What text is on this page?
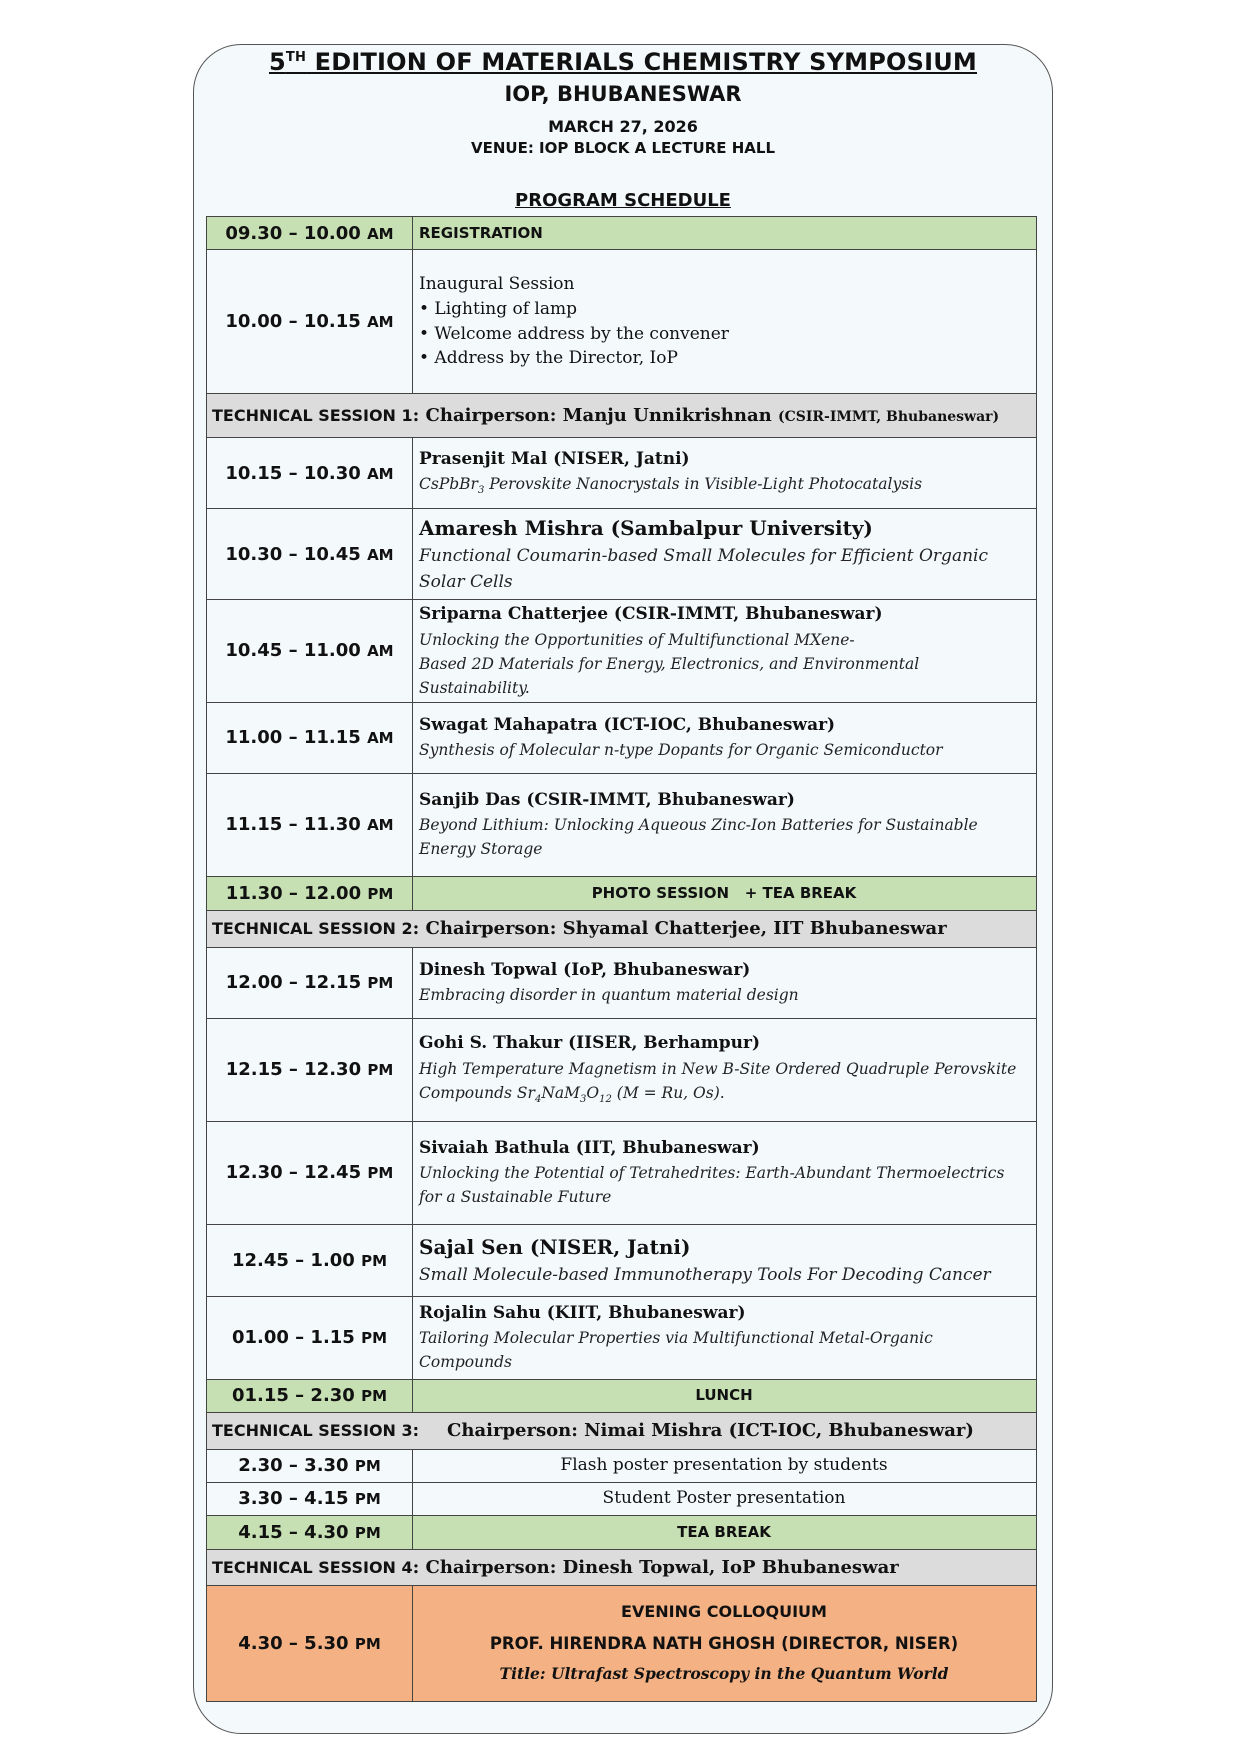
5TH EDITION OF MATERIALS CHEMISTRY SYMPOSIUM
IOP, BHUBANESWAR
MARCH 27, 2026
VENUE: IOP BLOCK A LECTURE HALL
PROGRAM SCHEDULE
09.30 – 10.00 AM	REGISTRATION
10.00 – 10.15 AM	Inaugural Session
• Lighting of lamp
• Welcome address by the convener
• Address by the Director, IoP

TECHNICAL SESSION 1: Chairperson: Manju Unnikrishnan (CSIR-IMMT, Bhubaneswar)	
10.15 – 10.30 AM	Prasenjit Mal (NISER, Jatni)
CsPbBr$_3$ Perovskite Nanocrystals in Visible-Light Photocatalysis

10.30 – 10.45 AM	Amaresh Mishra (Sambalpur University)
Functional Coumarin-based Small Molecules for Efficient Organic Solar Cells

10.45 – 11.00 AM	Sriparna Chatterjee (CSIR-IMMT, Bhubaneswar)
Unlocking the Opportunities of Multifunctional MXene-
Based 2D Materials for Energy, Electronics, and Environmental Sustainability.

11.00 – 11.15 AM	Swagat Mahapatra (ICT-IOC, Bhubaneswar)
Synthesis of Molecular n-type Dopants for Organic Semiconductor

11.15 – 11.30 AM	Sanjib Das (CSIR-IMMT, Bhubaneswar)
Beyond Lithium: Unlocking Aqueous Zinc-Ion Batteries for Sustainable Energy Storage

11.30 – 12.00 PM	PHOTO SESSION   + TEA BREAK
TECHNICAL SESSION 2: Chairperson: Shyamal Chatterjee, IIT Bhubaneswar	
12.00 – 12.15 PM	Dinesh Topwal (IoP, Bhubaneswar)
Embracing disorder in quantum material design

12.15 – 12.30 PM	Gohi S. Thakur (IISER, Berhampur)
High Temperature Magnetism in New B-Site Ordered Quadruple Perovskite
Compounds $Sr_4NaM_3O_{12}$ (M = Ru, Os).

12.30 – 12.45 PM	Sivaiah Bathula (IIT, Bhubaneswar)
Unlocking the Potential of Tetrahedrites: Earth-Abundant Thermoelectrics for a Sustainable Future

12.45 – 1.00 PM	Sajal Sen (NISER, Jatni)
Small Molecule-based Immunotherapy Tools For Decoding Cancer

01.00 – 1.15 PM	Rojalin Sahu (KIIT, Bhubaneswar)
Tailoring Molecular Properties via Multifunctional Metal-Organic Compounds

01.15 – 2.30 PM	LUNCH
TECHNICAL SESSION 3: Chairperson: Nimai Mishra (ICT-IOC, Bhubaneswar)	
2.30 – 3.30 PM	Flash poster presentation by students
3.30 – 4.15 PM	Student Poster presentation
4.15 – 4.30 PM	TEA BREAK
TECHNICAL SESSION 4: Chairperson: Dinesh Topwal, IoP Bhubaneswar	
4.30 – 5.30 PM	EVENING COLLOQUIUM
PROF. HIRENDRA NATH GHOSH (DIRECTOR, NISER)
Title: Ultrafast Spectroscopy in the Quantum World
